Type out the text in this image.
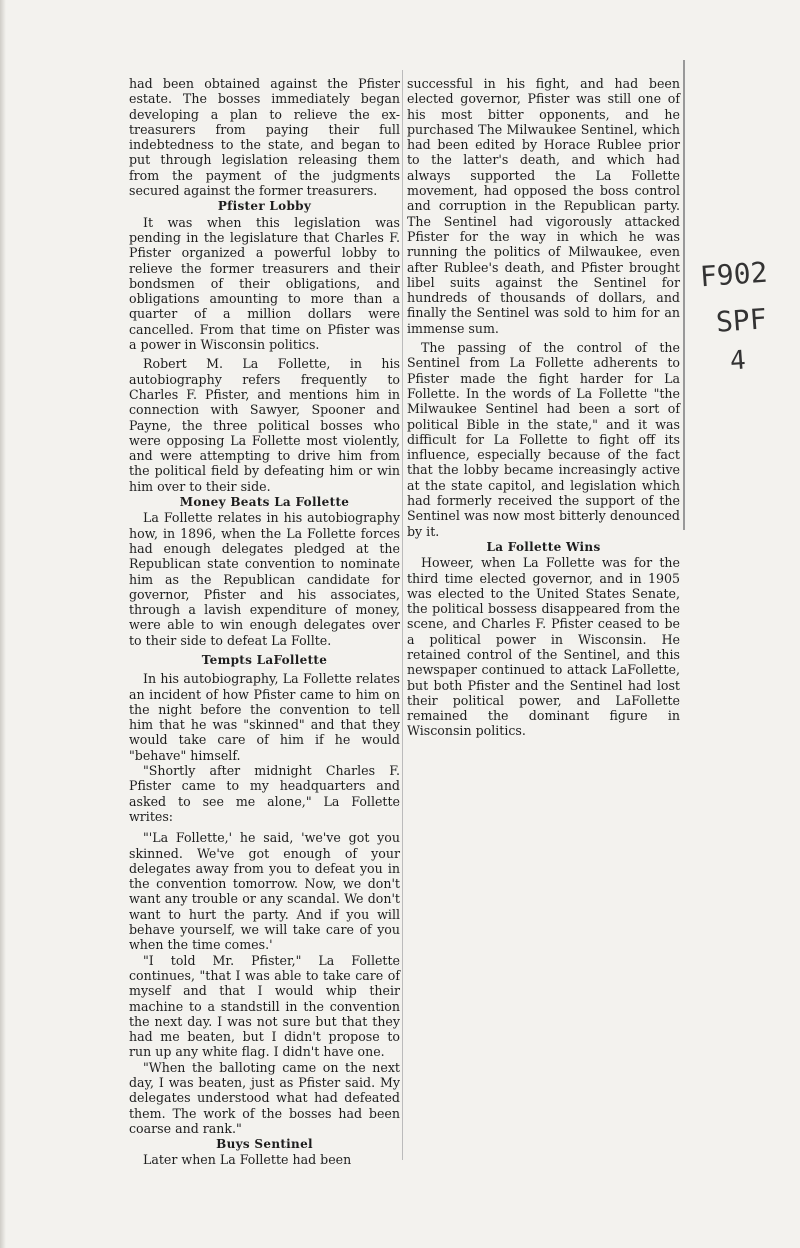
had been obtained against the Pfister estate. The bosses immediately began developing a plan to relieve the ex-treasurers from paying their full indebtedness to the state, and began to put through legislation releasing them from the payment of the judgments secured against the former treasurers.

Pfister Lobby

It was when this legislation was pending in the legislature that Charles F. Pfister organized a powerful lobby to relieve the former treasurers and their bondsmen of their obligations, and obligations amounting to more than a quarter of a million dollars were cancelled. From that time on Pfister was a power in Wisconsin politics.

Robert M. La Follette, in his autobiography refers frequently to Charles F. Pfister, and mentions him in connection with Sawyer, Spooner and Payne, the three political bosses who were opposing La Follette most violently, and were attempting to drive him from the political field by defeating him or win him over to their side.

Money Beats La Follette

La Follette relates in his autobiography how, in 1896, when the La Follette forces had enough delegates pledged at the Republican state convention to nominate him as the Republican candidate for governor, Pfister and his associates, through a lavish expenditure of money, were able to win enough delegates over to their side to defeat La Follte.

Tempts LaFollette

In his autobiography, La Follette relates an incident of how Pfister came to him on the night before the convention to tell him that he was "skinned" and that they would take care of him if he would "behave" himself.

"Shortly after midnight Charles F. Pfister came to my headquarters and asked to see me alone," La Follette writes:

"'La Follette,' he said, 'we've got you skinned. We've got enough of your delegates away from you to defeat you in the convention tomorrow. Now, we don't want any trouble or any scandal. We don't want to hurt the party. And if you will behave yourself, we will take care of you when the time comes.'

"I told Mr. Pfister," La Follette continues, "that I was able to take care of myself and that I would whip their machine to a standstill in the convention the next day. I was not sure but that they had me beaten, but I didn't propose to run up any white flag. I didn't have one.

"When the balloting came on the next day, I was beaten, just as Pfister said. My delegates understood what had defeated them. The work of the bosses had been coarse and rank."

Buys Sentinel

Later when La Follette had been

successful in his fight, and had been elected governor, Pfister was still one of his most bitter opponents, and he purchased The Milwaukee Sentinel, which had been edited by Horace Rublee prior to the latter's death, and which had always supported the La Follette movement, had opposed the boss control and corruption in the Republican party. The Sentinel had vigorously attacked Pfister for the way in which he was running the politics of Milwaukee, even after Rublee's death, and Pfister brought libel suits against the Sentinel for hundreds of thousands of dollars, and finally the Sentinel was sold to him for an immense sum.

The passing of the control of the Sentinel from La Follette adherents to Pfister made the fight harder for La Follette. In the words of La Follette "the Milwaukee Sentinel had been a sort of political Bible in the state," and it was difficult for La Follette to fight off its influence, especially because of the fact that the lobby became increasingly active at the state capitol, and legislation which had formerly received the support of the Sentinel was now most bitterly denounced by it.

La Follette Wins

Howeer, when La Follette was for the third time elected governor, and in 1905 was elected to the United States Senate, the political bossess disappeared from the scene, and Charles F. Pfister ceased to be a political power in Wisconsin. He retained control of the Sentinel, and this newspaper continued to attack LaFollette, but both Pfister and the Sentinel had lost their political power, and LaFollette remained the dominant figure in Wisconsin politics.

F902
SPF
4
